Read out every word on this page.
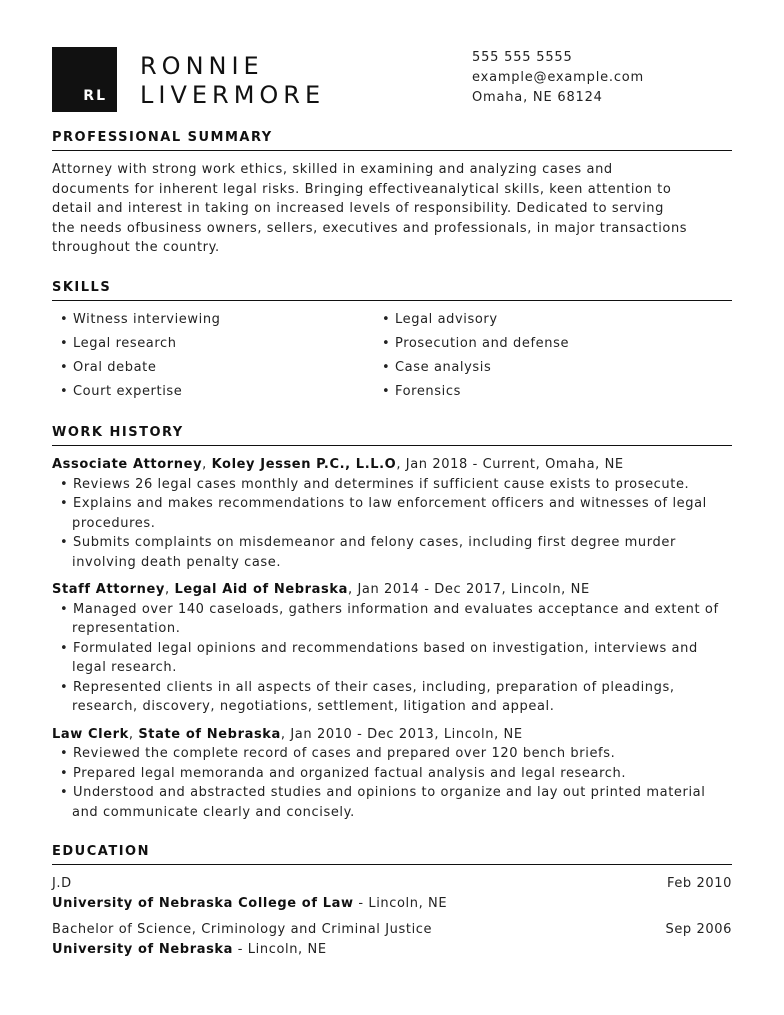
RL
RONNIE
LIVERMORE
555 555 5555
example@example.com
Omaha, NE 68124
PROFESSIONAL SUMMARY
Attorney with strong work ethics, skilled in examining and analyzing cases and
documents for inherent legal risks. Bringing effectiveanalytical skills, keen attention to
detail and interest in taking on increased levels of responsibility. Dedicated to serving
the needs ofbusiness owners, sellers, executives and professionals, in major transactions
throughout the country.
SKILLS
• Witness interviewing	• Legal advisory
• Legal research	• Prosecution and defense
• Oral debate	• Case analysis
• Court expertise	• Forensics
WORK HISTORY
Associate Attorney, Koley Jessen P.C., L.L.O, Jan 2018 - Current, Omaha, NE
• Reviews 26 legal cases monthly and determines if sufficient cause exists to prosecute.
• Explains and makes recommendations to law enforcement officers and witnesses of legal procedures.
• Submits complaints on misdemeanor and felony cases, including first degree murder involving death penalty case.
Staff Attorney, Legal Aid of Nebraska, Jan 2014 - Dec 2017, Lincoln, NE
• Managed over 140 caseloads, gathers information and evaluates acceptance and extent of representation.
• Formulated legal opinions and recommendations based on investigation, interviews and legal research.
• Represented clients in all aspects of their cases, including, preparation of pleadings, research, discovery, negotiations, settlement, litigation and appeal.
Law Clerk, State of Nebraska, Jan 2010 - Dec 2013, Lincoln, NE
• Reviewed the complete record of cases and prepared over 120 bench briefs.
• Prepared legal memoranda and organized factual analysis and legal research.
• Understood and abstracted studies and opinions to organize and lay out printed material and communicate clearly and concisely.
EDUCATION
J.D	Feb 2010
University of Nebraska College of Law - Lincoln, NE
Bachelor of Science, Criminology and Criminal Justice	Sep 2006
University of Nebraska - Lincoln, NE
